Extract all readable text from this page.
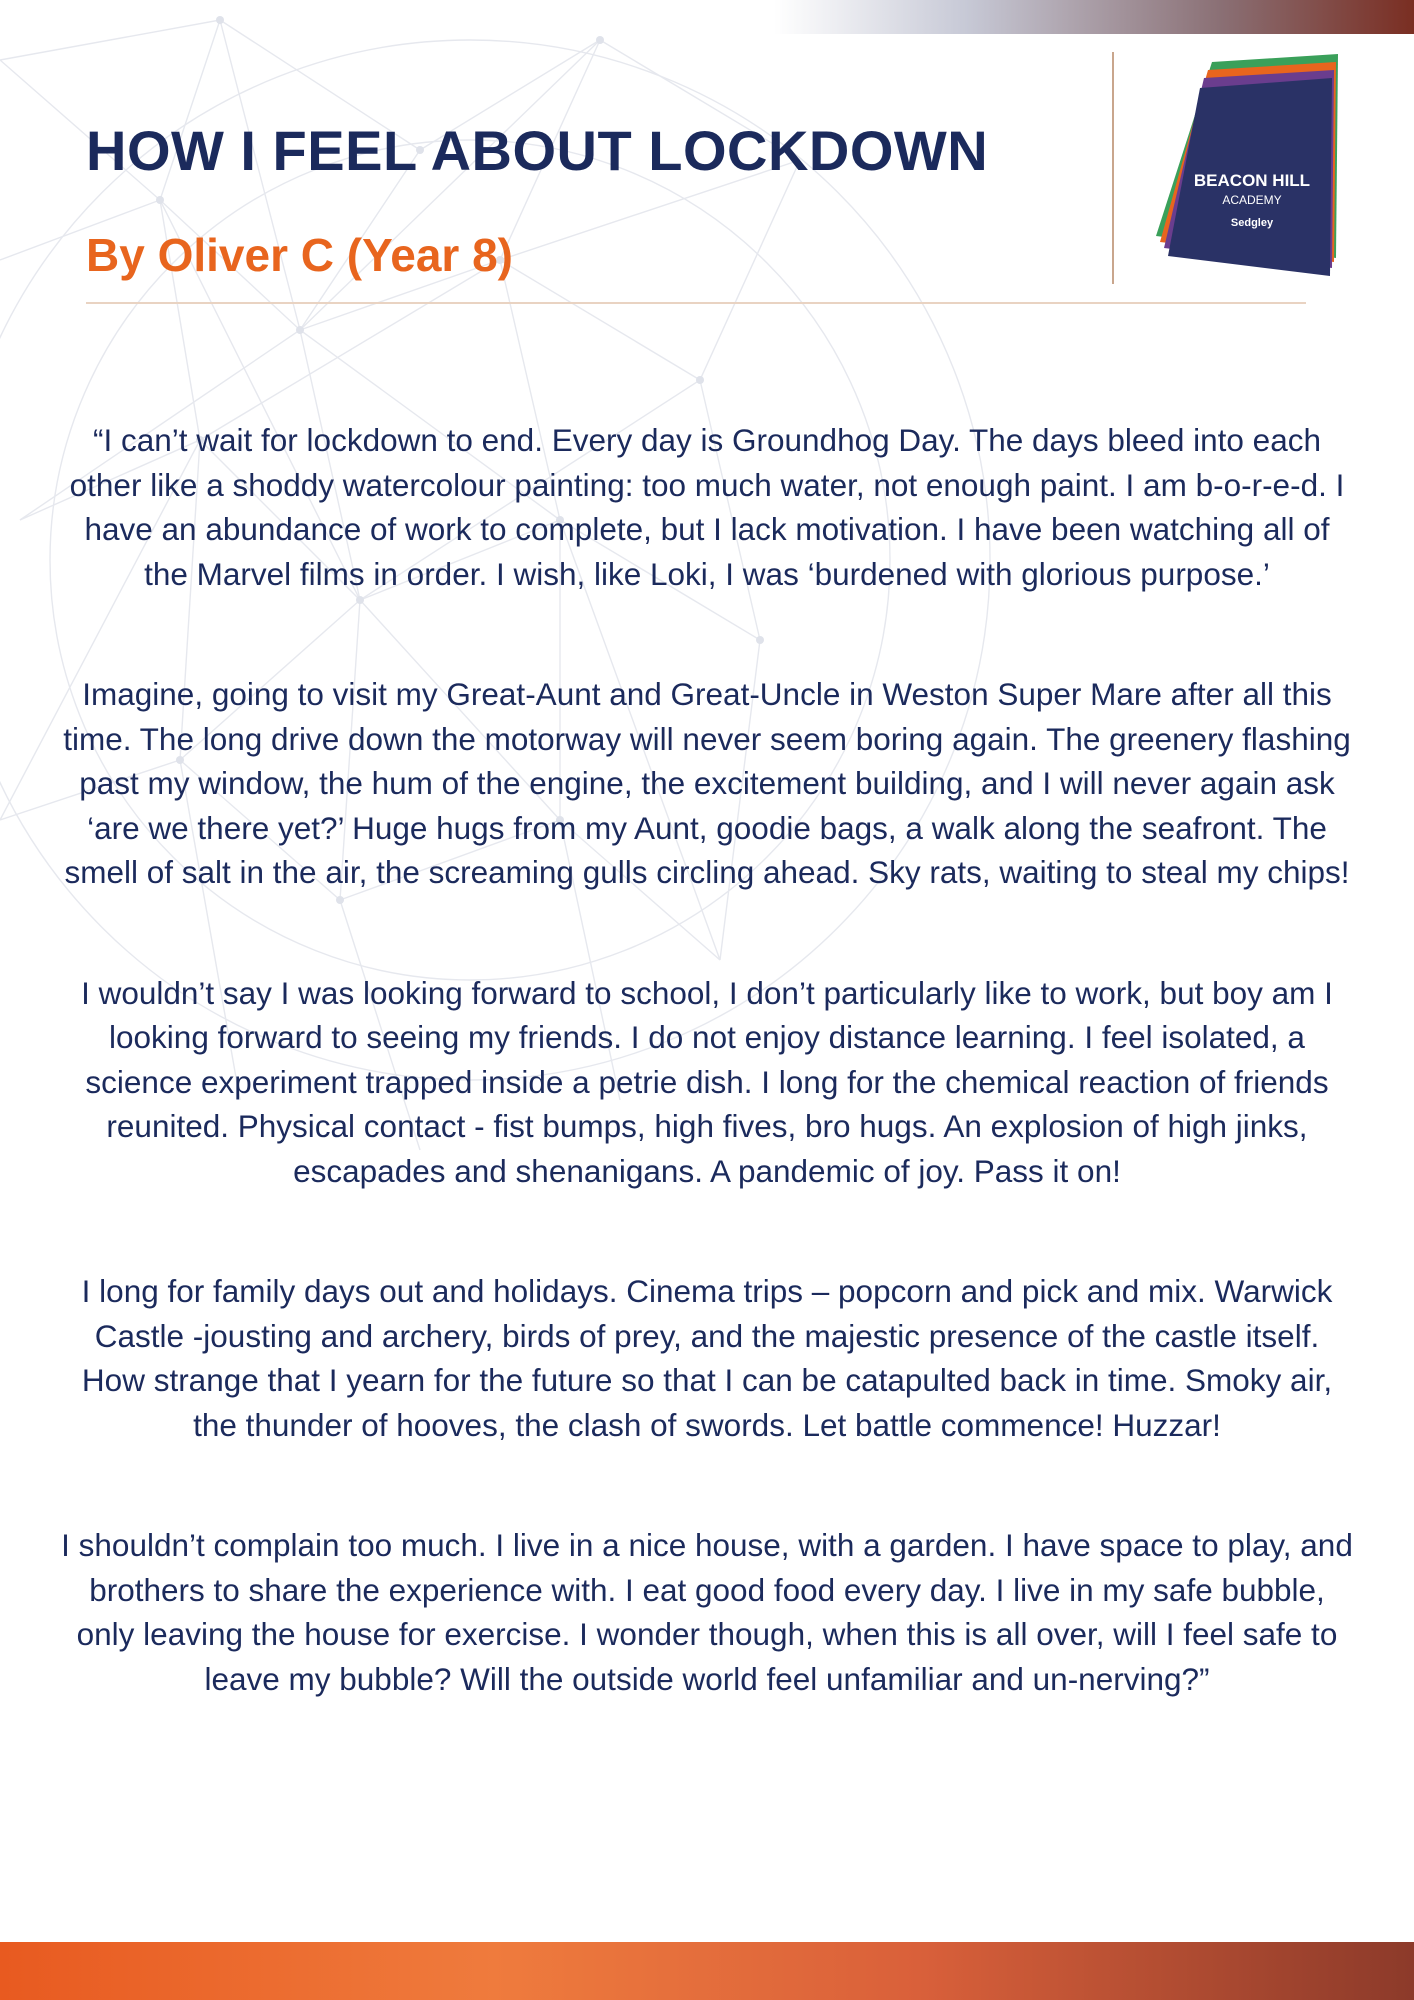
HOW I FEEL ABOUT LOCKDOWN
By Oliver C (Year 8)
BEACON HILL
ACADEMY
Sedgley

“I can’t wait for lockdown to end. Every day is Groundhog Day. The days bleed into each other like a shoddy watercolour painting: too much water, not enough paint. I am b-o-r-e-d. I have an abundance of work to complete, but I lack motivation. I have been watching all of the Marvel films in order. I wish, like Loki, I was ‘burdened with glorious purpose.’

Imagine, going to visit my Great-Aunt and Great-Uncle in Weston Super Mare after all this time. The long drive down the motorway will never seem boring again. The greenery flashing past my window, the hum of the engine, the excitement building, and I will never again ask ‘are we there yet?’ Huge hugs from my Aunt, goodie bags, a walk along the seafront. The smell of salt in the air, the screaming gulls circling ahead. Sky rats, waiting to steal my chips!

I wouldn’t say I was looking forward to school, I don’t particularly like to work, but boy am I looking forward to seeing my friends. I do not enjoy distance learning. I feel isolated, a science experiment trapped inside a petrie dish. I long for the chemical reaction of friends reunited. Physical contact - fist bumps, high fives, bro hugs. An explosion of high jinks, escapades and shenanigans. A pandemic of joy. Pass it on!

I long for family days out and holidays. Cinema trips – popcorn and pick and mix. Warwick Castle -jousting and archery, birds of prey, and the majestic presence of the castle itself. How strange that I yearn for the future so that I can be catapulted back in time. Smoky air, the thunder of hooves, the clash of swords. Let battle commence! Huzzar!

I shouldn’t complain too much. I live in a nice house, with a garden. I have space to play, and brothers to share the experience with. I eat good food every day. I live in my safe bubble, only leaving the house for exercise. I wonder though, when this is all over, will I feel safe to leave my bubble? Will the outside world feel unfamiliar and un-nerving?”
